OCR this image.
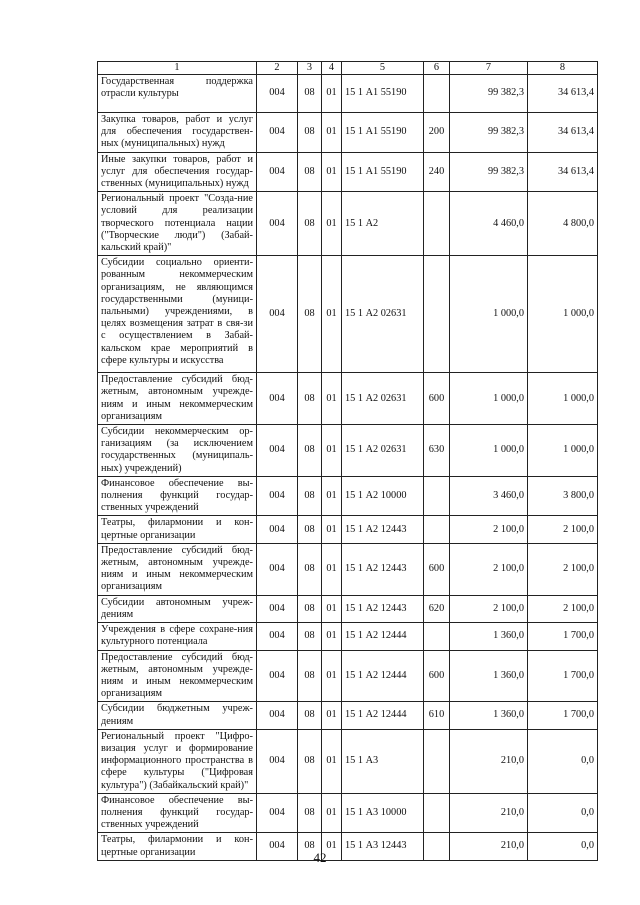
1	2	3	4	5	6	7	8
Государственная поддержка отрасли культуры	004	08	01	15 1 А1 55190		99 382,3	34 613,4
Закупка товаров, работ и услуг для обеспечения государствен-ных (муниципальных) нужд	004	08	01	15 1 А1 55190	200	99 382,3	34 613,4
Иные закупки товаров, работ и услуг для обеспечения государ-ственных (муниципальных) нужд	004	08	01	15 1 А1 55190	240	99 382,3	34 613,4
Региональный проект "Созда-ние условий для реализации творческого потенциала нации ("Творческие люди") (Забай-кальский край)"	004	08	01	15 1 А2		4 460,0	4 800,0
Субсидии социально ориенти-рованным некоммерческим организациям, не являющимся государственными (муници-пальными) учреждениями, в целях возмещения затрат в свя-зи с осуществлением в Забай-кальском крае мероприятий в сфере культуры и искусства	004	08	01	15 1 А2 02631		1 000,0	1 000,0
Предоставление субсидий бюд-жетным, автономным учрежде-ниям и иным некоммерческим организациям	004	08	01	15 1 А2 02631	600	1 000,0	1 000,0
Субсидии некоммерческим ор-ганизациям (за исключением государственных (муниципаль-ных) учреждений)	004	08	01	15 1 А2 02631	630	1 000,0	1 000,0
Финансовое обеспечение вы-полнения функций государ-ственных учреждений	004	08	01	15 1 А2 10000		3 460,0	3 800,0
Театры, филармонии и кон-цертные организации	004	08	01	15 1 А2 12443		2 100,0	2 100,0
Предоставление субсидий бюд-жетным, автономным учрежде-ниям и иным некоммерческим организациям	004	08	01	15 1 А2 12443	600	2 100,0	2 100,0
Субсидии автономным учреж-дениям	004	08	01	15 1 А2 12443	620	2 100,0	2 100,0
Учреждения в сфере сохране-ния культурного потенциала	004	08	01	15 1 А2 12444		1 360,0	1 700,0
Предоставление субсидий бюд-жетным, автономным учрежде-ниям и иным некоммерческим организациям	004	08	01	15 1 А2 12444	600	1 360,0	1 700,0
Субсидии бюджетным учреж-дениям	004	08	01	15 1 А2 12444	610	1 360,0	1 700,0
Региональный проект "Цифро-визация услуг и формирование информационного пространства в сфере культуры ("Цифровая культура") (Забайкальский край)"	004	08	01	15 1 А3		210,0	0,0
Финансовое обеспечение вы-полнения функций государ-ственных учреждений	004	08	01	15 1 А3 10000		210,0	0,0
Театры, филармонии и кон-цертные организации	004	08	01	15 1 А3 12443		210,0	0,0
42
